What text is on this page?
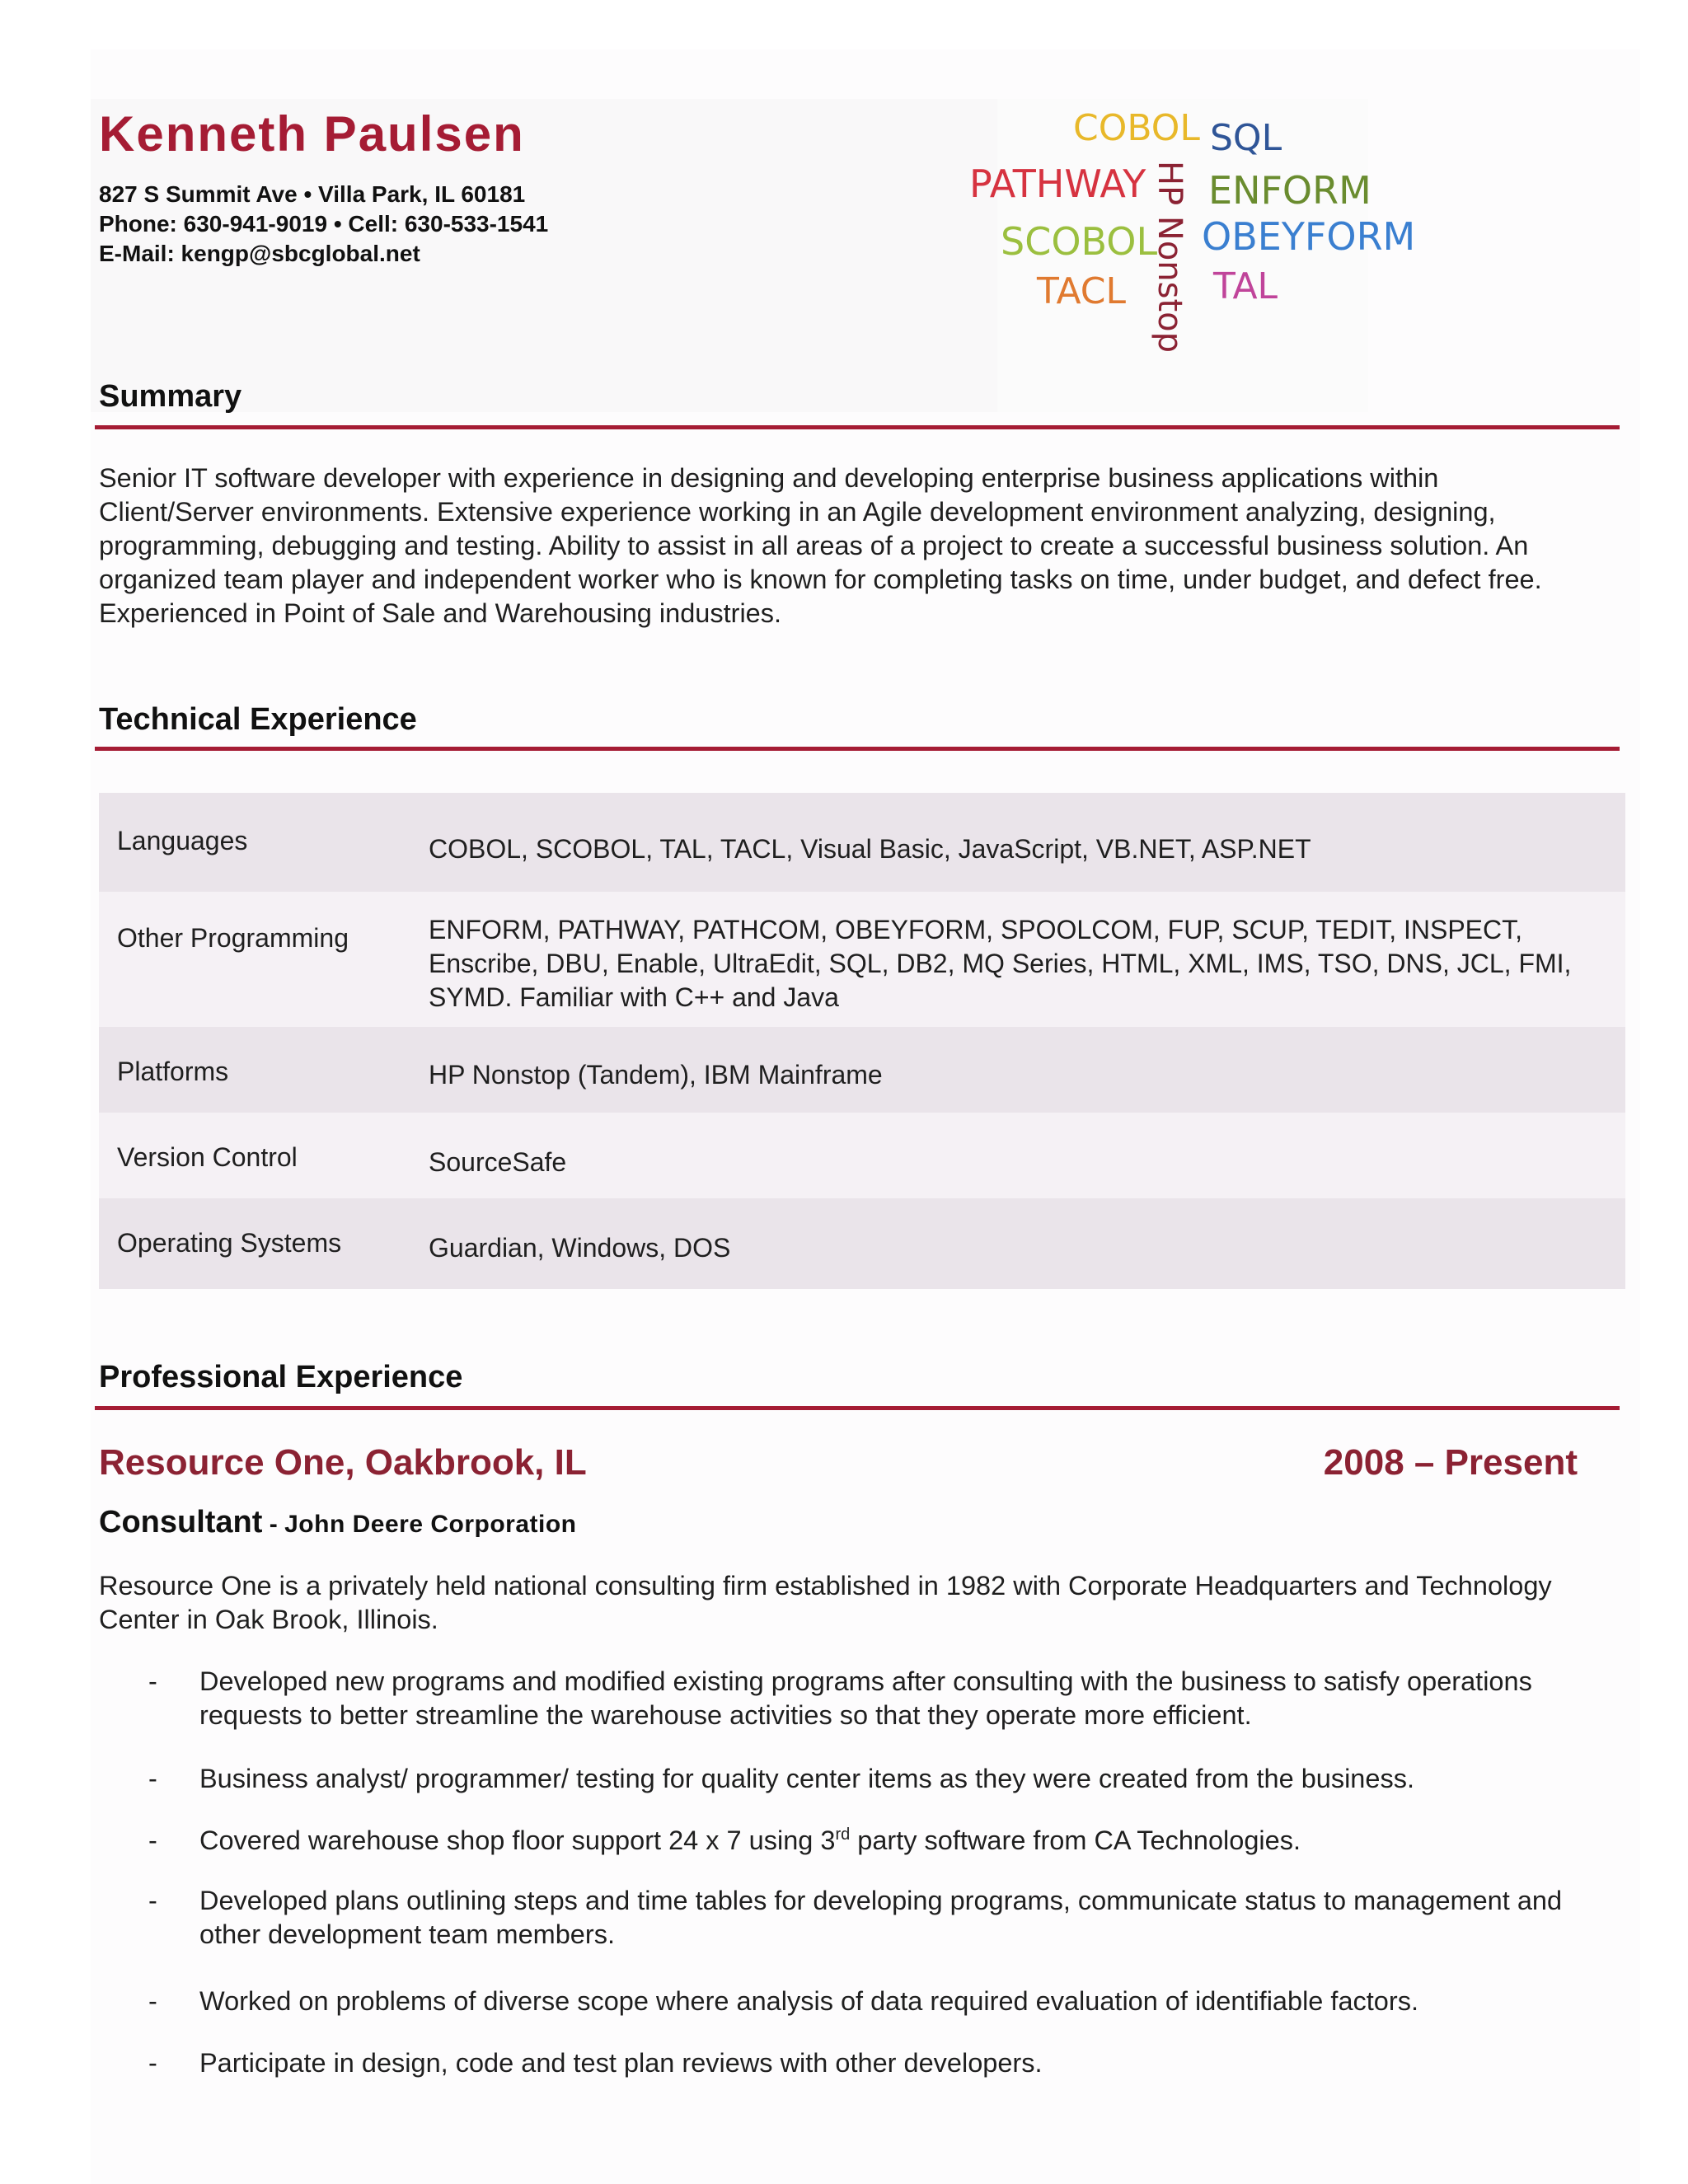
Kenneth Paulsen
827 S Summit Ave • Villa Park, IL 60181
Phone: 630-941-9019 • Cell: 630-533-1541
E-Mail: kengp@sbcglobal.net
COBOL SQL
PATHWAY ENFORM
HP Nonstop
SCOBOL OBEYFORM
TACL TAL
Summary

Senior IT software developer with experience in designing and developing enterprise business applications within Client/Server environments. Extensive experience working in an Agile development environment analyzing, designing, programming, debugging and testing. Ability to assist in all areas of a project to create a successful business solution. An organized team player and independent worker who is known for completing tasks on time, under budget, and defect free. Experienced in Point of Sale and Warehousing industries.

Technical Experience
Languages	COBOL, SCOBOL, TAL, TACL, Visual Basic, JavaScript, VB.NET, ASP.NET
Other Programming	ENFORM, PATHWAY, PATHCOM, OBEYFORM, SPOOLCOM, FUP, SCUP, TEDIT, INSPECT, Enscribe, DBU, Enable, UltraEdit, SQL, DB2, MQ Series, HTML, XML, IMS, TSO, DNS, JCL, FMI, SYMD. Familiar with C++ and Java
Platforms	HP Nonstop (Tandem), IBM Mainframe
Version Control	SourceSafe
Operating Systems	Guardian, Windows, DOS
Professional Experience
Resource One, Oakbrook, IL	2008 – Present
Consultant - John Deere Corporation

Resource One is a privately held national consulting firm established in 1982 with Corporate Headquarters and Technology Center in Oak Brook, Illinois.

- Developed new programs and modified existing programs after consulting with the business to satisfy operations requests to better streamline the warehouse activities so that they operate more efficient.
- Business analyst/ programmer/ testing for quality center items as they were created from the business.
- Covered warehouse shop floor support 24 x 7 using 3rd party software from CA Technologies.
- Developed plans outlining steps and time tables for developing programs, communicate status to management and other development team members.
- Worked on problems of diverse scope where analysis of data required evaluation of identifiable factors.
- Participate in design, code and test plan reviews with other developers.
